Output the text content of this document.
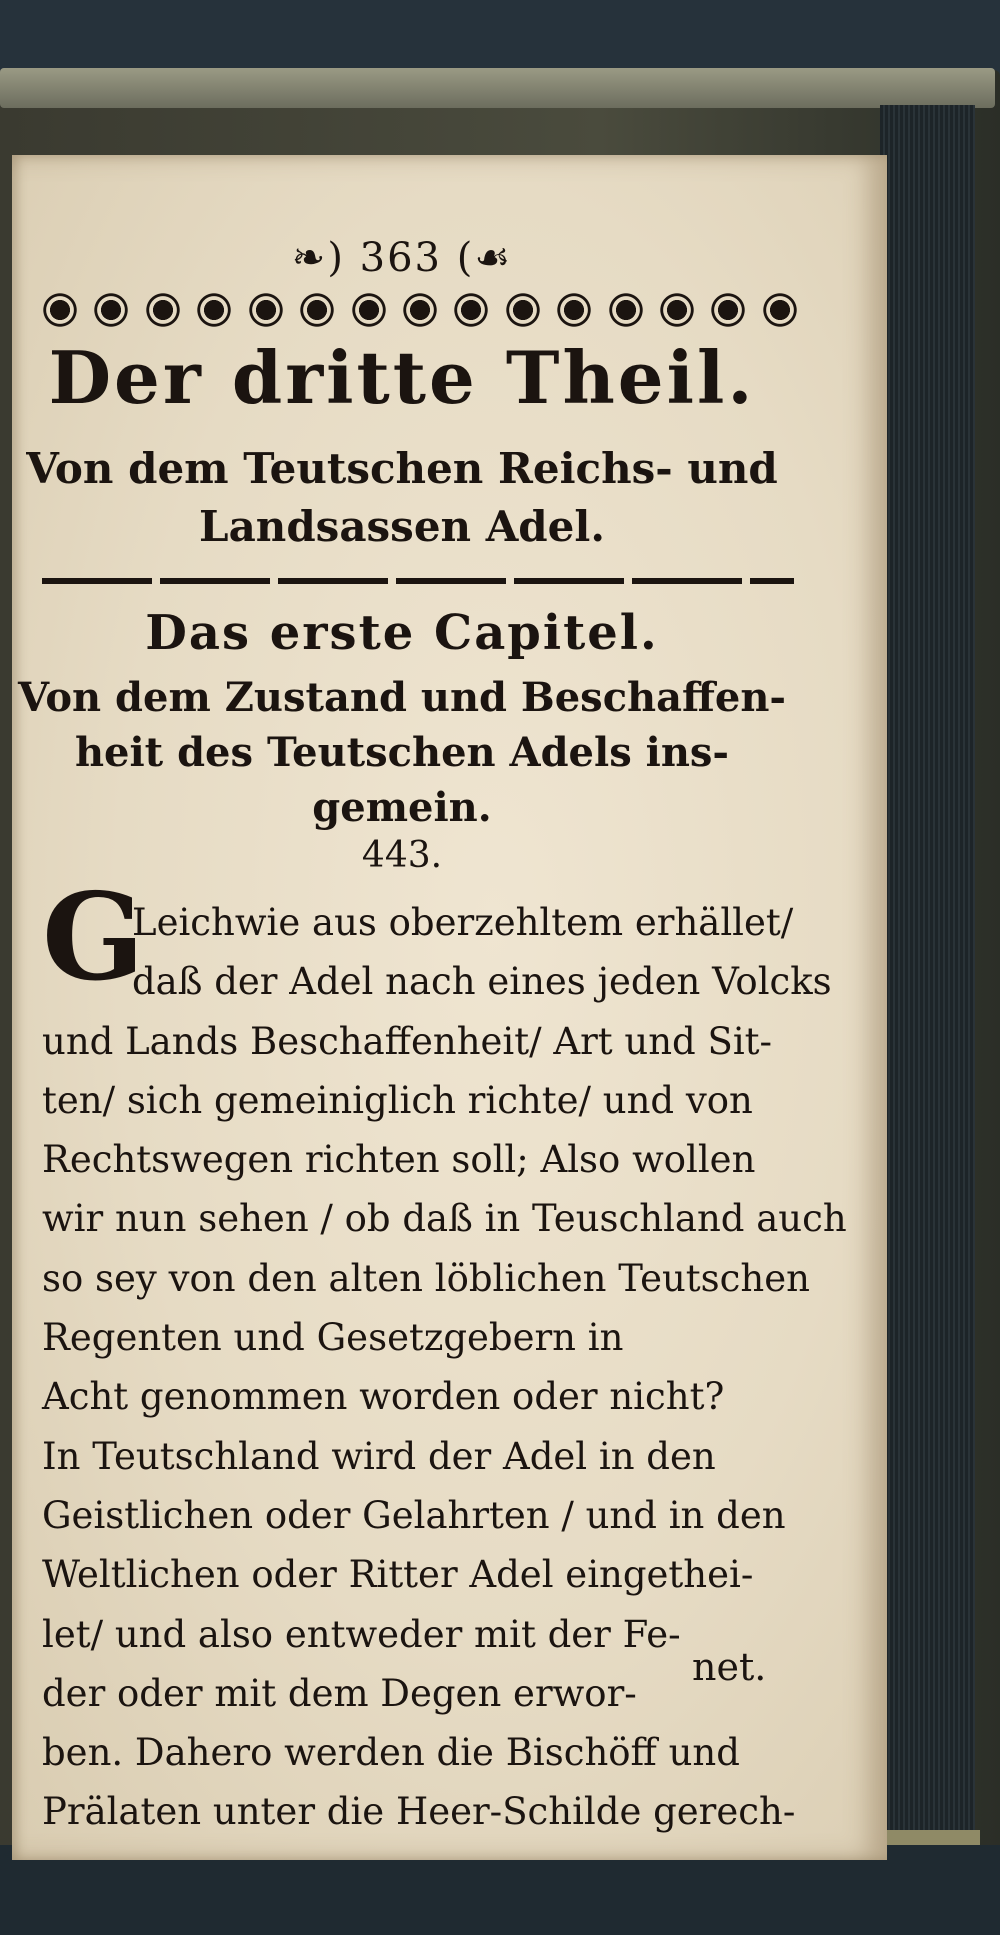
❧) 363 (☙
Der dritte Theil.
Von dem Teutschen Reichs- und
Landsassen Adel.
Das erste Capitel.
Von dem Zustand und Beschaffen-
heit des Teutschen Adels ins-
gemein.
443.
G
Leichwie aus oberzehltem erhället/
daß der Adel nach eines jeden Volcks
und Lands Beschaffenheit/ Art und Sit-
ten/ sich gemeiniglich richte/ und von
Rechtswegen richten soll; Also wollen
wir nun sehen / ob daß in Teuschland auch
so sey von den alten löblichen Teutschen
Regenten und Gesetzgebern in
Acht genommen worden oder nicht?
In Teutschland wird der Adel in den
Geistlichen oder Gelahrten / und in den
Weltlichen oder Ritter Adel eingethei-
let/ und also entweder mit der Fe-
der oder mit dem Degen erwor-
ben. Dahero werden die Bischöff und
Prälaten unter die Heer-Schilde gerech-
net.
